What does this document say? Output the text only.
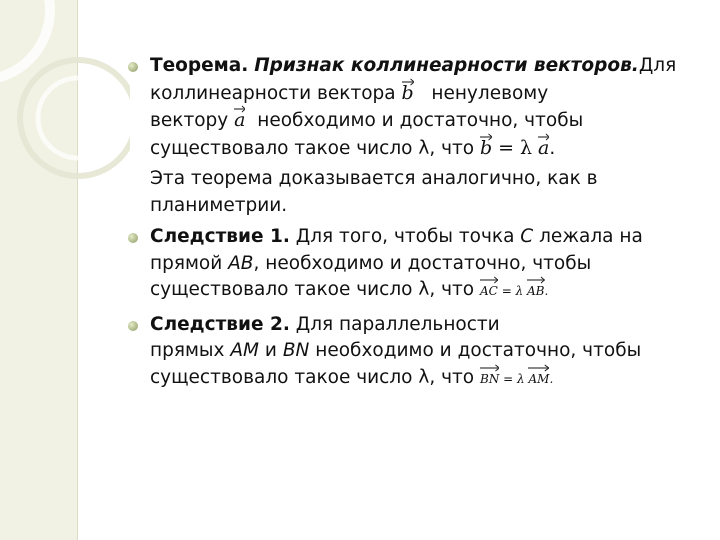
Теорема. Признак коллинеарности векторов.Для
коллинеарности вектора b ненулевому
вектору a необходимо и достаточно, чтобы
существовало такое число λ, что b = λ a.
Эта теорема доказывается аналогично, как в
планиметрии.
Следствие 1. Для того, чтобы точка C лежала на
прямой AB, необходимо и достаточно, чтобы
существовало такое число λ, что AC = λ AB.
Следствие 2. Для параллельности
прямых AM и BN необходимо и достаточно, чтобы
существовало такое число λ, что BN = λ AM.
